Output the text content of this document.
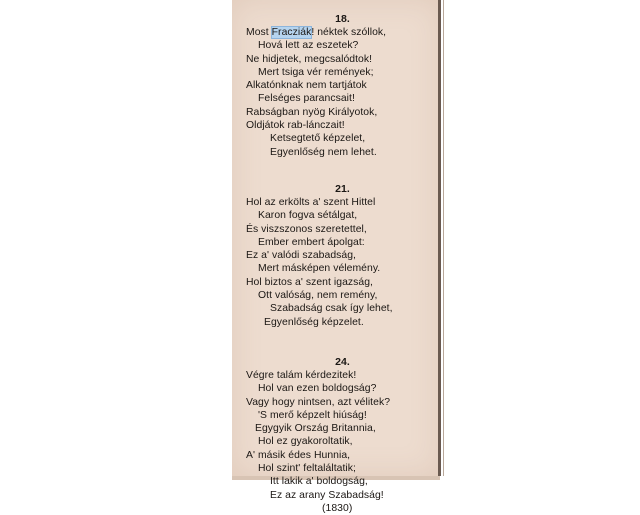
18.
Most Fracziák! néktek szóllok,
Hová lett az eszetek?
Ne hidjetek, megcsalódtok!
Mert tsiga vér remények;
Alkatónknak nem tartjátok
Felséges parancsait!
Rabságban nyög Királyotok,
Oldjátok rab-lánczait!
Ketsegtető képzelet,
Egyenlőség nem lehet.
21.
Hol az erkölts a' szent Hittel
Karon fogva sétálgat,
És viszszonos szeretettel,
Ember embert ápolgat:
Ez a' valódi szabadság,
Mert másképen vélemény.
Hol biztos a' szent igazság,
Ott valóság, nem remény,
Szabadság csak így lehet,
Egyenlőség képzelet.
24.
Végre talám kérdezitek!
Hol van ezen boldogság?
Vagy hogy nintsen, azt vélitek?
'S merő képzelt hiúság!
Egygyik Ország Britannia,
Hol ez gyakoroltatik,
A' másik édes Hunnia,
Hol szint' feltaláltatik;
Itt lakik a' boldogság,
Ez az arany Szabadság!
(1830)
